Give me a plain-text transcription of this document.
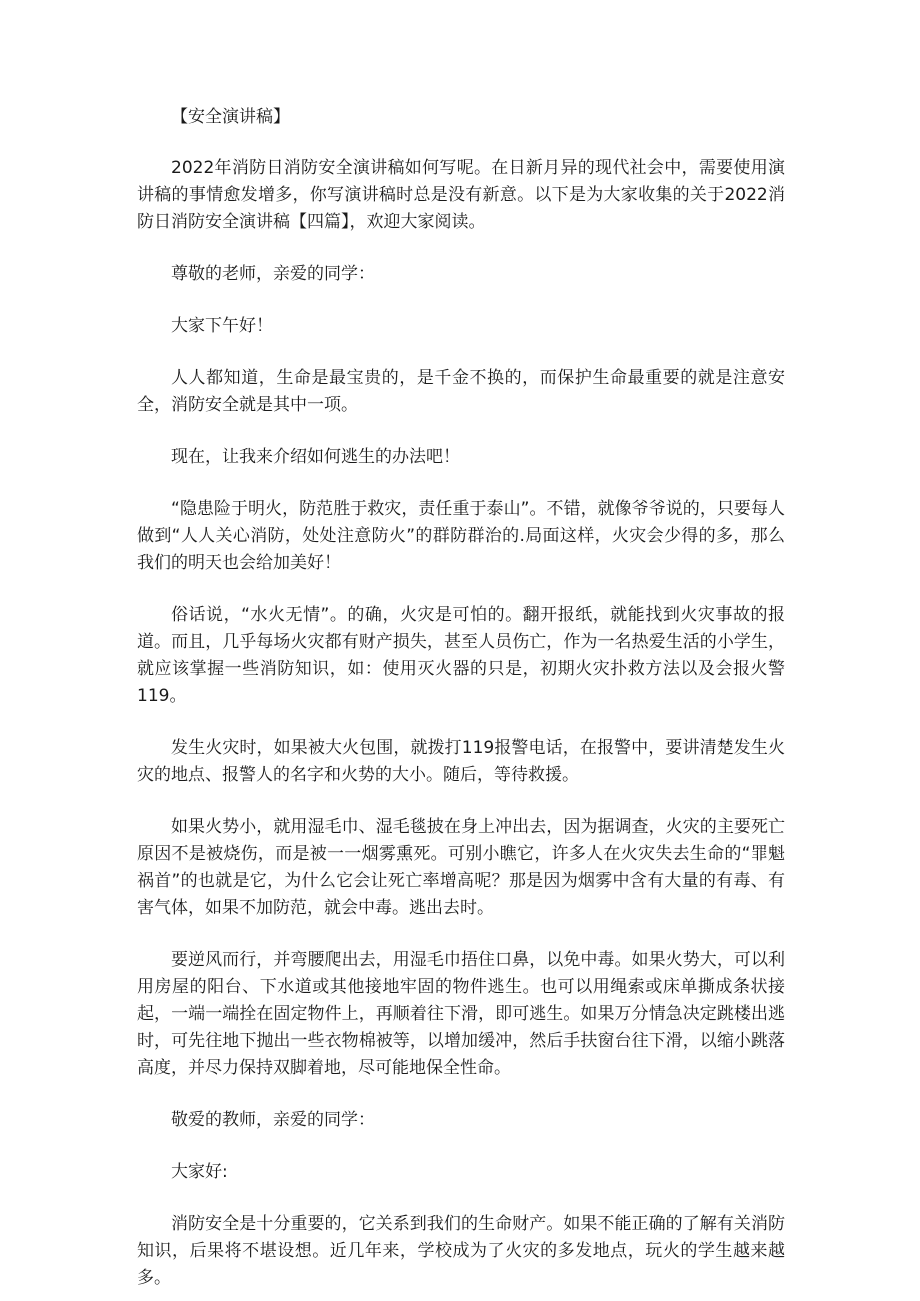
【安全演讲稿】

2022年消防日消防安全演讲稿如何写呢。在日新月异的现代社会中，需要使用演讲稿的事情愈发增多，你写演讲稿时总是没有新意。以下是为大家收集的关于2022消防日消防安全演讲稿【四篇】，欢迎大家阅读。

尊敬的老师，亲爱的同学：

大家下午好！

人人都知道，生命是最宝贵的，是千金不换的，而保护生命最重要的就是注意安全，消防安全就是其中一项。

现在，让我来介绍如何逃生的办法吧！

“隐患险于明火，防范胜于救灾，责任重于泰山”。不错，就像爷爷说的，只要每人做到“人人关心消防，处处注意防火”的群防群治的.局面这样，火灾会少得的多，那么我们的明天也会给加美好！

俗话说，“水火无情”。的确，火灾是可怕的。翻开报纸，就能找到火灾事故的报道。而且，几乎每场火灾都有财产损失，甚至人员伤亡，作为一名热爱生活的小学生，就应该掌握一些消防知识，如：使用灭火器的只是，初期火灾扑救方法以及会报火警119。

发生火灾时，如果被大火包围，就拨打119报警电话，在报警中，要讲清楚发生火灾的地点、报警人的名字和火势的大小。随后，等待救援。

如果火势小，就用湿毛巾、湿毛毯披在身上冲出去，因为据调查，火灾的主要死亡原因不是被烧伤，而是被一一烟雾熏死。可别小瞧它，许多人在火灾失去生命的“罪魁祸首”的也就是它，为什么它会让死亡率增高呢？那是因为烟雾中含有大量的有毒、有害气体，如果不加防范，就会中毒。逃出去时。

要逆风而行，并弯腰爬出去，用湿毛巾捂住口鼻，以免中毒。如果火势大，可以利用房屋的阳台、下水道或其他接地牢固的物件逃生。也可以用绳索或床单撕成条状接起，一端一端拴在固定物件上，再顺着往下滑，即可逃生。如果万分情急决定跳楼出逃时，可先往地下抛出一些衣物棉被等，以增加缓冲，然后手扶窗台往下滑，以缩小跳落高度，并尽力保持双脚着地，尽可能地保全性命。

敬爱的教师，亲爱的同学：

大家好:

消防安全是十分重要的，它关系到我们的生命财产。如果不能正确的了解有关消防知识，后果将不堪设想。近几年来，学校成为了火灾的多发地点，玩火的学生越来越多。
